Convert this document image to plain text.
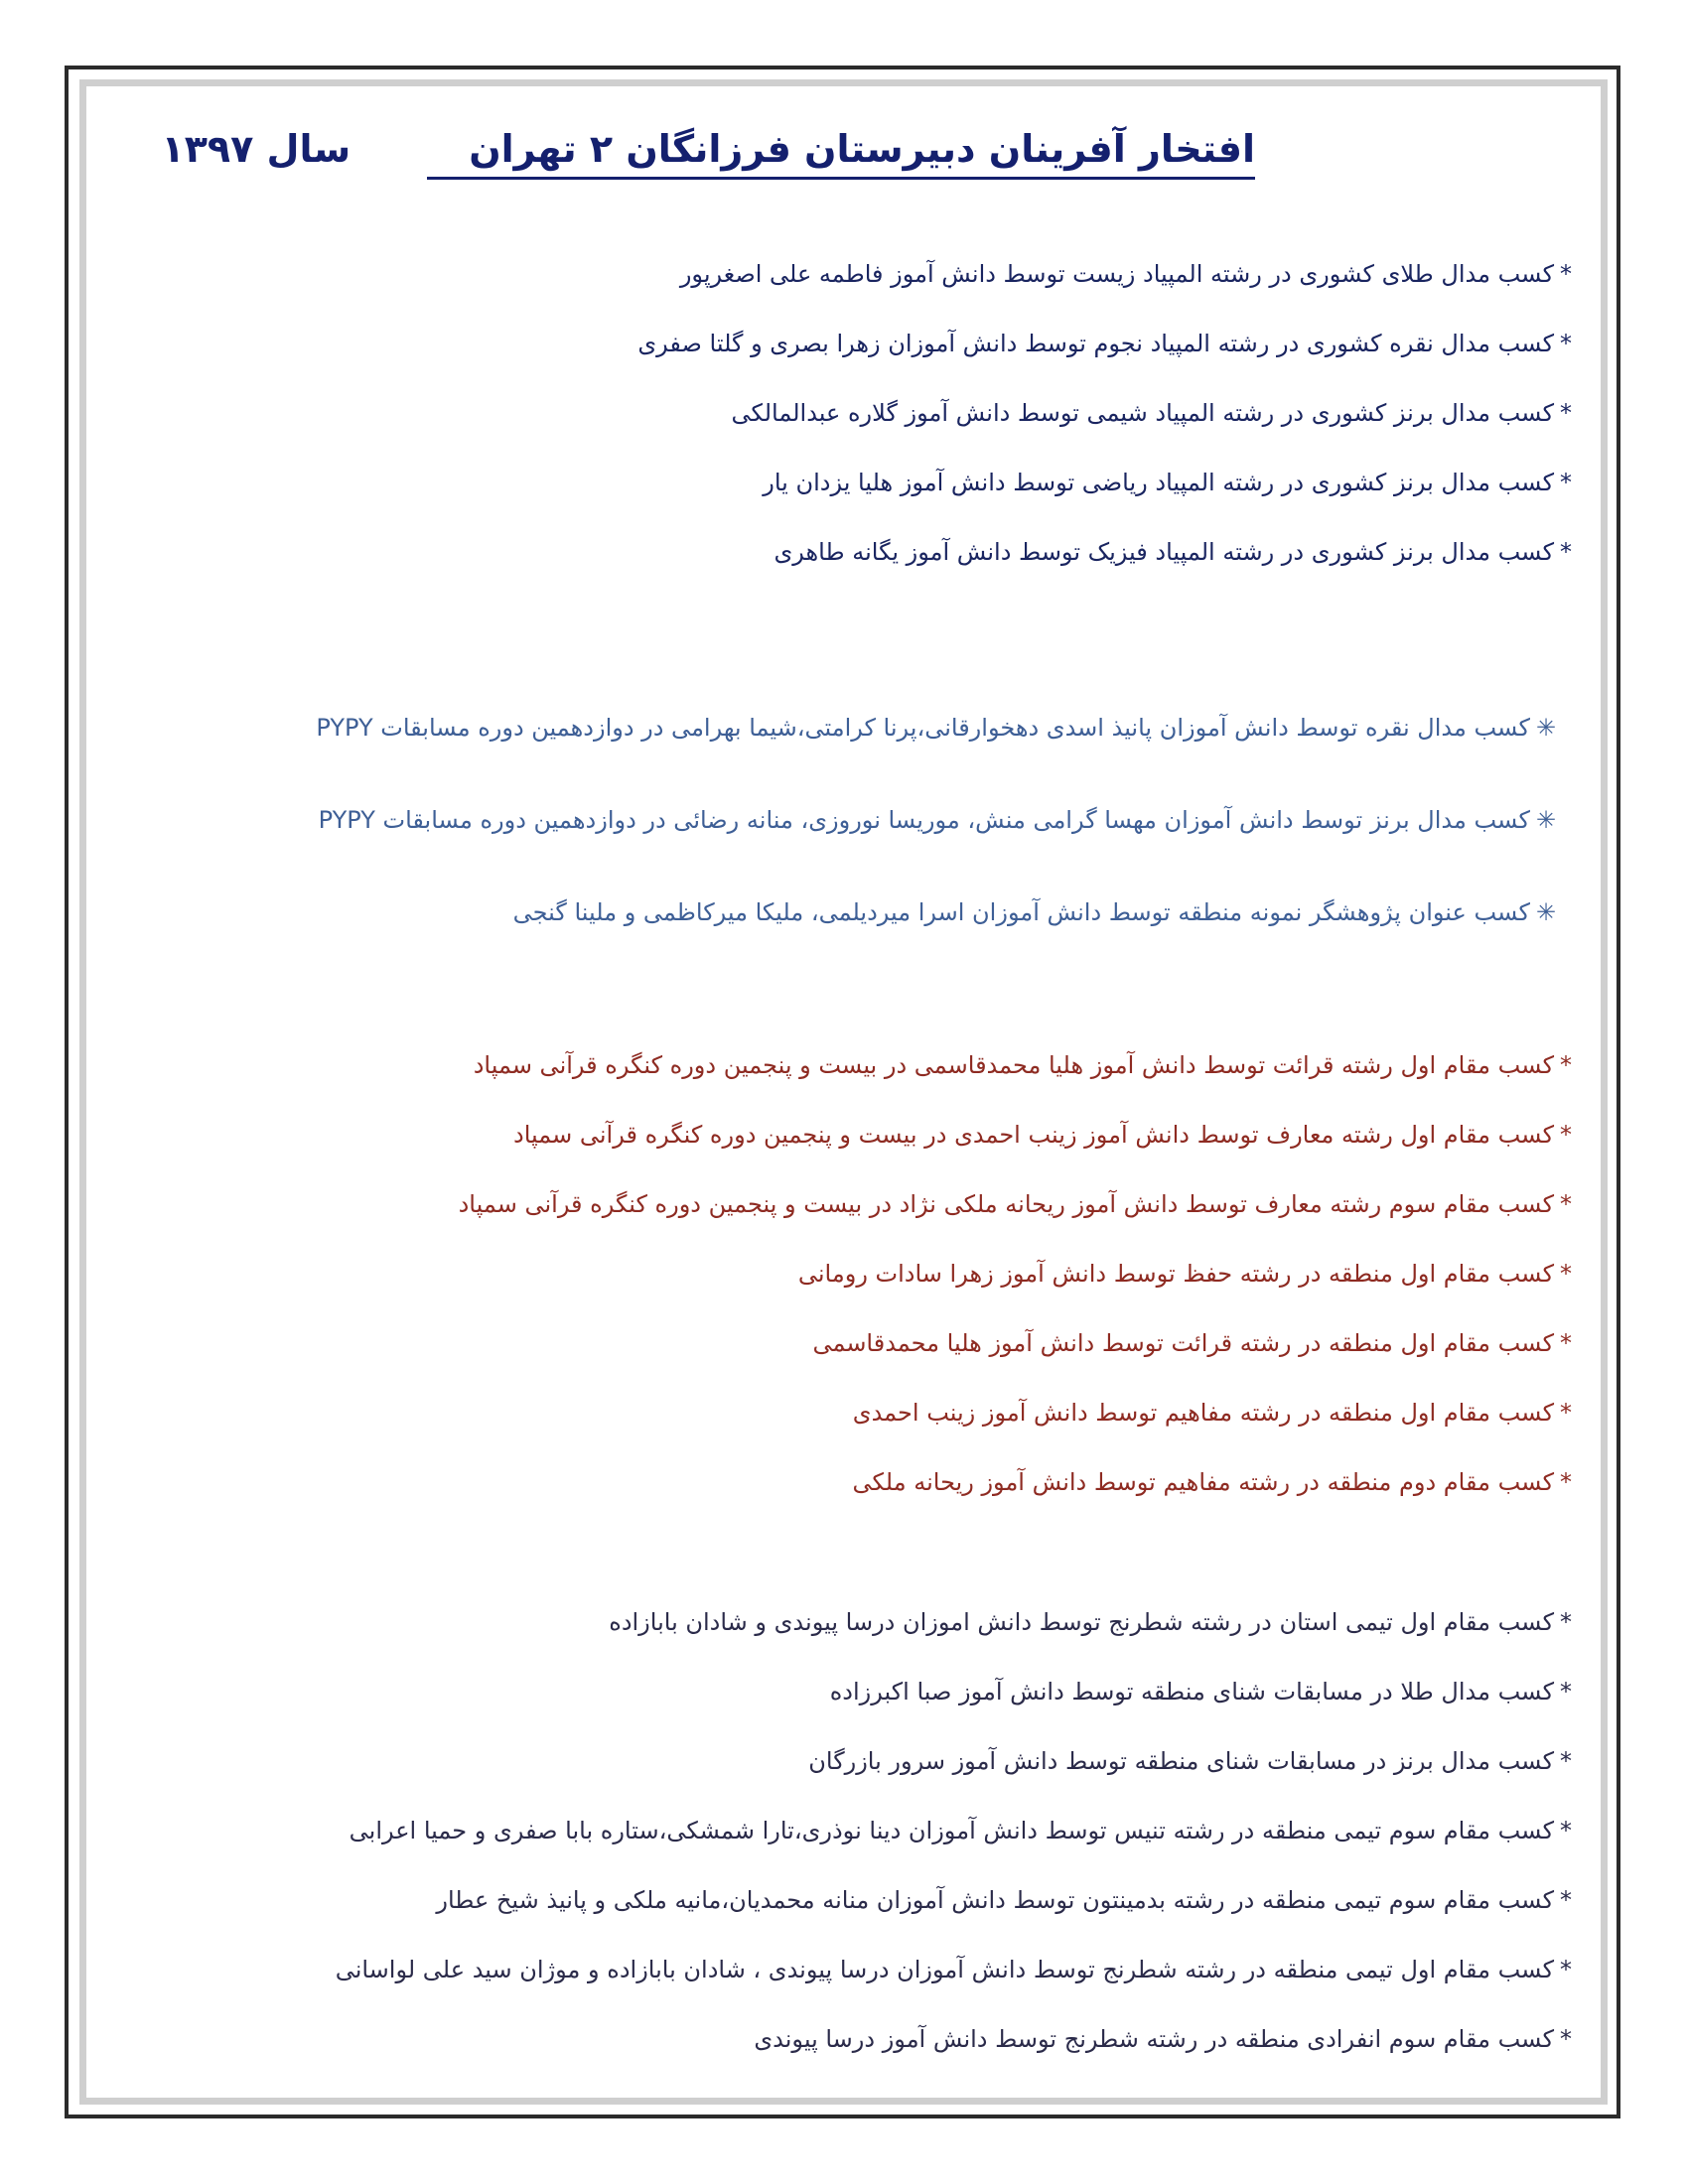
افتخار آفرینان دبیرستان فرزانگان ۲ تهران         سال ۱۳۹۷
*کسب مدال طلای کشوری در رشته المپیاد زیست توسط دانش آموز فاطمه علی اصغرپور
*کسب مدال نقره کشوری در رشته المپیاد نجوم توسط دانش آموزان زهرا بصری و گلتا صفری
*کسب مدال برنز کشوری در رشته المپیاد شیمی توسط دانش آموز گلاره عبدالمالکی
*کسب مدال برنز کشوری در رشته المپیاد ریاضی توسط دانش آموز هلیا یزدان یار
*کسب مدال برنز کشوری در رشته المپیاد فیزیک توسط دانش آموز یگانه طاهری
✳کسب مدال نقره توسط دانش آموزان پانیذ اسدی دهخوارقانی،پرنا کرامتی،شیما بهرامی در دوازدهمین دوره مسابقات PYPY
✳کسب مدال برنز توسط دانش آموزان مهسا گرامی منش، موریسا نوروزی، منانه رضائی در دوازدهمین دوره مسابقات PYPY
✳کسب عنوان پژوهشگر نمونه منطقه توسط دانش آموزان اسرا میردیلمی، ملیکا میرکاظمی و ملینا گنجی
*کسب مقام اول رشته قرائت توسط دانش آموز هلیا محمدقاسمی در بیست و پنجمین دوره کنگره قرآنی سمپاد
*کسب مقام اول رشته معارف توسط دانش آموز زینب احمدی در بیست و پنجمین دوره کنگره قرآنی سمپاد
*کسب مقام سوم رشته معارف توسط دانش آموز ریحانه ملکی نژاد در بیست و پنجمین دوره کنگره قرآنی سمپاد
*کسب مقام اول منطقه در رشته حفظ توسط دانش آموز زهرا سادات رومانی
*کسب مقام اول منطقه در رشته قرائت توسط دانش آموز هلیا محمدقاسمی
*کسب مقام اول منطقه در رشته مفاهیم توسط دانش آموز زینب احمدی
*کسب مقام دوم منطقه در رشته مفاهیم توسط دانش آموز ریحانه ملکی
*کسب مقام اول تیمی استان در رشته شطرنج توسط دانش اموزان درسا پیوندی و شادان بابازاده
*کسب مدال طلا در مسابقات شنای منطقه توسط دانش آموز صبا اکبرزاده
*کسب مدال برنز در مسابقات شنای منطقه توسط دانش آموز سرور بازرگان
*کسب مقام سوم تیمی منطقه در رشته تنیس توسط دانش آموزان دینا نوذری،تارا شمشکی،ستاره بابا صفری و حمیا اعرابی
*کسب مقام سوم تیمی منطقه در رشته بدمینتون توسط دانش آموزان منانه محمدیان،مانیه ملکی و پانیذ شیخ عطار
*کسب مقام اول تیمی منطقه در رشته شطرنج توسط دانش آموزان درسا پیوندی ، شادان بابازاده و موژان سید علی لواسانی
*کسب مقام سوم انفرادی منطقه در رشته شطرنج توسط دانش آموز درسا پیوندی
